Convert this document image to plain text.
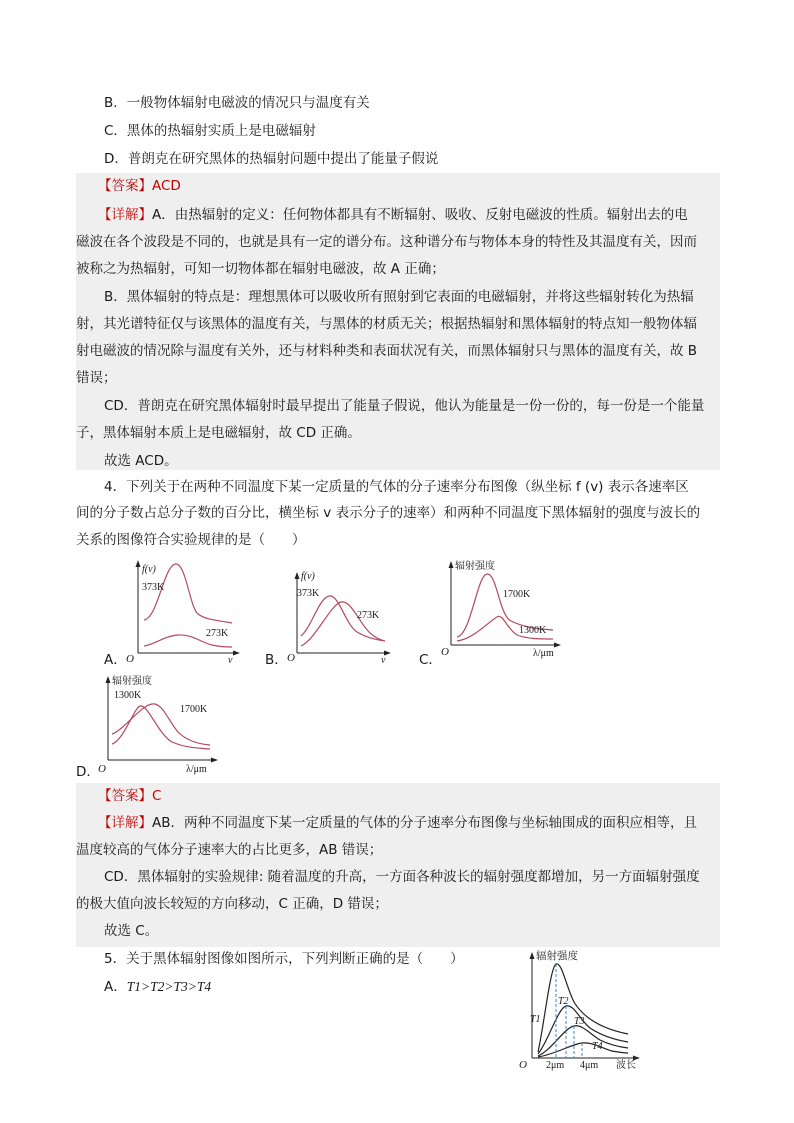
B．一般物体辐射电磁波的情况只与温度有关
C．黑体的热辐射实质上是电磁辐射
D．普朗克在研究黑体的热辐射问题中提出了能量子假说
【答案】ACD
【详解】A．由热辐射的定义：任何物体都具有不断辐射、吸收、反射电磁波的性质。辐射出去的电
磁波在各个波段是不同的，也就是具有一定的谱分布。这种谱分布与物体本身的特性及其温度有关，因而
被称之为热辐射，可知一切物体都在辐射电磁波，故 A 正确；
B．黑体辐射的特点是：理想黑体可以吸收所有照射到它表面的电磁辐射，并将这些辐射转化为热辐
射，其光谱特征仅与该黑体的温度有关，与黑体的材质无关；根据热辐射和黑体辐射的特点知一般物体辐
射电磁波的情况除与温度有关外，还与材料种类和表面状况有关，而黑体辐射只与黑体的温度有关，故 B
错误；
CD．普朗克在研究黑体辐射时最早提出了能量子假说，他认为能量是一份一份的，每一份是一个能量
子，黑体辐射本质上是电磁辐射，故 CD 正确。
故选 ACD。
4．下列关于在两种不同温度下某一定质量的气体的分子速率分布图像（纵坐标 f (v) 表示各速率区
间的分子数占总分子数的百分比，横坐标 v 表示分子的速率）和两种不同温度下黑体辐射的强度与波长的
关系的图像符合实验规律的是（　　）
A．
f(v)
373K
273K
O	v B．
f(v)
373K
273K
O	v C．
辐射强度
1700K
1300K
O	λ/μm
D．
辐射强度
1300K
1700K
O	λ/μm
【答案】C
【详解】AB．两种不同温度下某一定质量的气体的分子速率分布图像与坐标轴围成的面积应相等，且
温度较高的气体分子速率大的占比更多，AB 错误；
CD．黑体辐射的实验规律: 随着温度的升高，一方面各种波长的辐射强度都增加，另一方面辐射强度
的极大值向波长较短的方向移动，C 正确，D 错误；
故选 C。
5．关于黑体辐射图像如图所示，下列判断正确的是（　　）
A．T1>T2>T3>T4
辐射强度
T1
T2
T3
T4
O 2μm 4μm 波长
